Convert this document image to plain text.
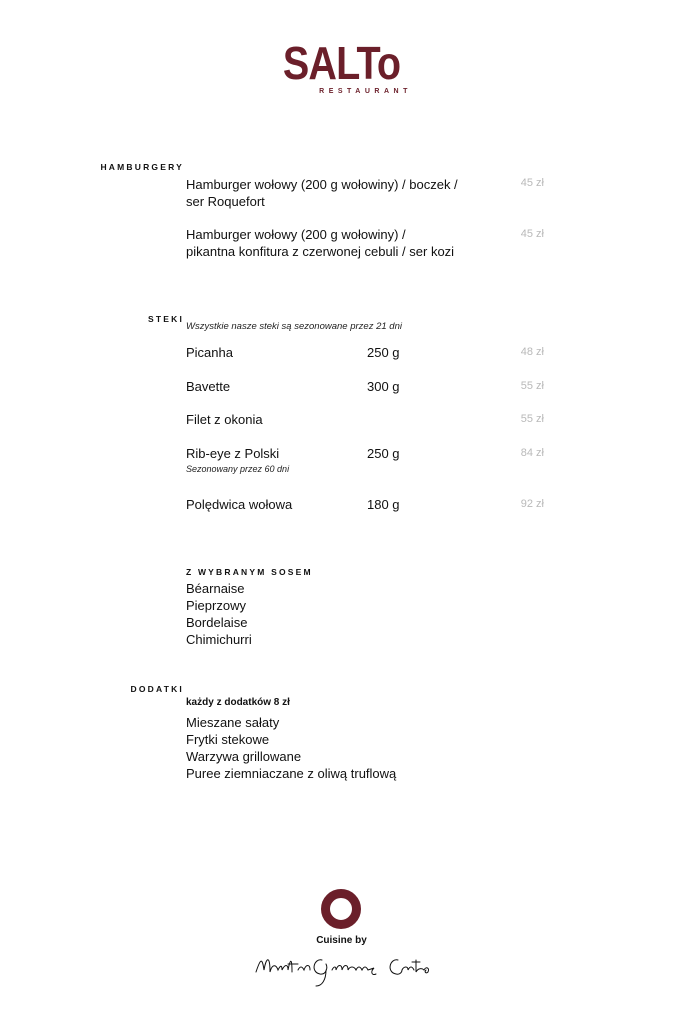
SALTo
RESTAURANT
HAMBURGERY
Hamburger wołowy (200 g wołowiny) / boczek /
ser Roquefort
45 zł
Hamburger wołowy (200 g wołowiny) /
pikantna konfitura z czerwonej cebuli / ser kozi
45 zł
STEKI
Wszystkie nasze steki są sezonowane przez 21 dni
Picanha	250 g	48 zł
Bavette	300 g	55 zł
Filet z okonia	55 zł
Rib-eye z Polski	250 g	84 zł
Sezonowany przez 60 dni
Polędwica wołowa	180 g	92 zł
Z WYBRANYM SOSEM
Béarnaise
Pieprzowy
Bordelaise
Chimichurri
DODATKI
każdy z dodatków 8 zł
Mieszane sałaty
Frytki stekowe
Warzywa grillowane
Puree ziemniaczane z oliwą truflową
Cuisine by
